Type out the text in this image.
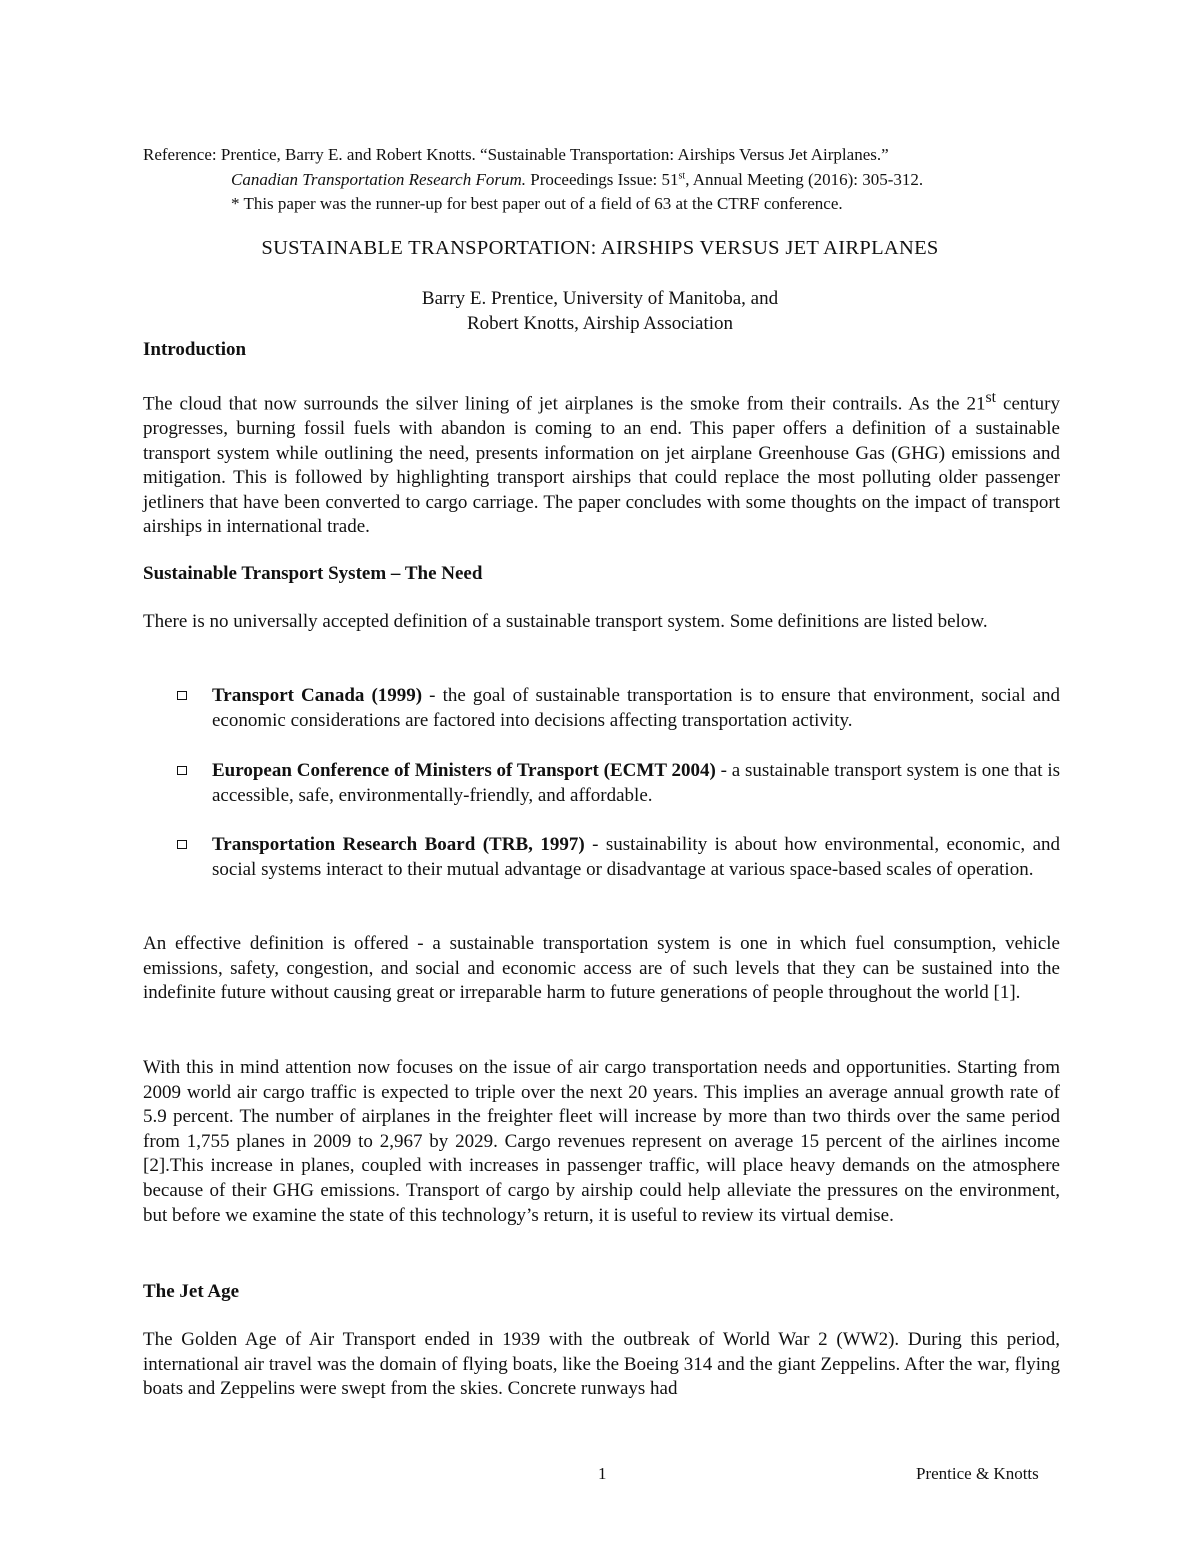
Reference: Prentice, Barry E. and Robert Knotts. “Sustainable Transportation: Airships Versus Jet Airplanes.”
Canadian Transportation Research Forum. Proceedings Issue: 51st, Annual Meeting (2016): 305-312.
* This paper was the runner-up for best paper out of a field of 63 at the CTRF conference.
SUSTAINABLE TRANSPORTATION: AIRSHIPS VERSUS JET AIRPLANES
Barry E. Prentice, University of Manitoba, and
Robert Knotts, Airship Association
Introduction
The cloud that now surrounds the silver lining of jet airplanes is the smoke from their contrails. As the 21st century progresses, burning fossil fuels with abandon is coming to an end. This paper offers a definition of a sustainable transport system while outlining the need, presents information on jet airplane Greenhouse Gas (GHG) emissions and mitigation. This is followed by highlighting transport airships that could replace the most polluting older passenger jetliners that have been converted to cargo carriage. The paper concludes with some thoughts on the impact of transport airships in international trade.
Sustainable Transport System – The Need
There is no universally accepted definition of a sustainable transport system. Some definitions are listed below.
Transport Canada (1999) - the goal of sustainable transportation is to ensure that environment, social and economic considerations are factored into decisions affecting transportation activity.
European Conference of Ministers of Transport (ECMT 2004) - a sustainable transport system is one that is accessible, safe, environmentally-friendly, and affordable.
Transportation Research Board (TRB, 1997) - sustainability is about how environmental, economic, and social systems interact to their mutual advantage or disadvantage at various space-based scales of operation.
An effective definition is offered - a sustainable transportation system is one in which fuel consumption, vehicle emissions, safety, congestion, and social and economic access are of such levels that they can be sustained into the indefinite future without causing great or irreparable harm to future generations of people throughout the world [1].
With this in mind attention now focuses on the issue of air cargo transportation needs and opportunities. Starting from 2009 world air cargo traffic is expected to triple over the next 20 years. This implies an average annual growth rate of 5.9 percent. The number of airplanes in the freighter fleet will increase by more than two thirds over the same period from 1,755 planes in 2009 to 2,967 by 2029. Cargo revenues represent on average 15 percent of the airlines income [2].This increase in planes, coupled with increases in passenger traffic, will place heavy demands on the atmosphere because of their GHG emissions. Transport of cargo by airship could help alleviate the pressures on the environment, but before we examine the state of this technology’s return, it is useful to review its virtual demise.
The Jet Age
The Golden Age of Air Transport ended in 1939 with the outbreak of World War 2 (WW2). During this period, international air travel was the domain of flying boats, like the Boeing 314 and the giant Zeppelins. After the war, flying boats and Zeppelins were swept from the skies. Concrete runways had
1	Prentice & Knotts
